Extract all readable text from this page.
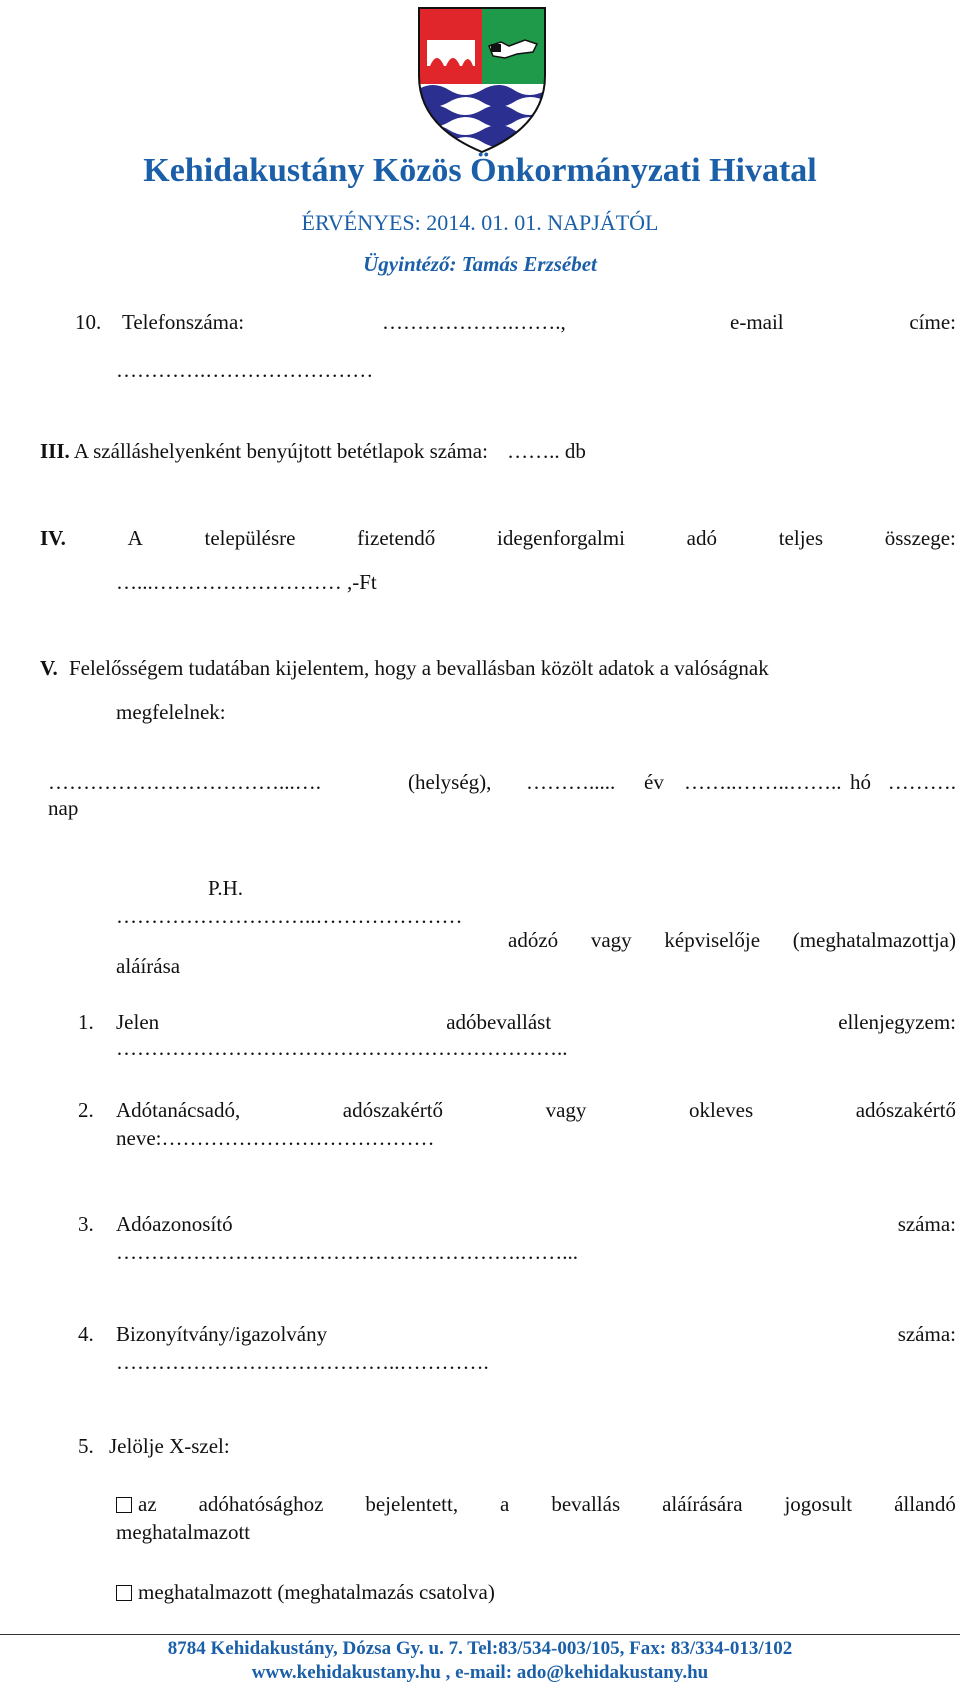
Kehidakustány Közös Önkormányzati Hivatal
ÉRVÉNYES: 2014. 01. 01. NAPJÁTÓL
Ügyintéző: Tamás Erzsébet
10. Telefonszáma:	……………….…….,	e-mail	címe:
………….……………………
III. A szálláshelyenként benyújtott betétlapok száma: …….. db
IV.	A	településre	fizetendő	idegenforgalmi	adó	teljes	összege:
…...……………………… ,-Ft
V. Felelősségem tudatában kijelentem, hogy a bevallásban közölt adatok a valóságnak
megfelelnek:
……………………………...….	(helység), ………..... év ……..……..…….. hó ……….
nap
P.H.
………………………..…………………
adózó vagy képviselője (meghatalmazottja)
aláírása
1. Jelen	adóbevallást	ellenjegyzem:
………………………………………………………..
2. Adótanácsadó,	adószakértő	vagy	okleves	adószakértő
neve:…………………………………
3. Adóazonosító	száma:
………………………………………………….……...
4. Bizonyítvány/igazolvány	száma:
…………………………………..………….
5. Jelölje X-szel:
az adóhatósághoz bejelentett, a bevallás aláírására jogosult állandó
meghatalmazott
meghatalmazott (meghatalmazás csatolva)
8784 Kehidakustány, Dózsa Gy. u. 7. Tel:83/534-003/105, Fax: 83/334-013/102
www.kehidakustany.hu , e-mail: ado@kehidakustany.hu
